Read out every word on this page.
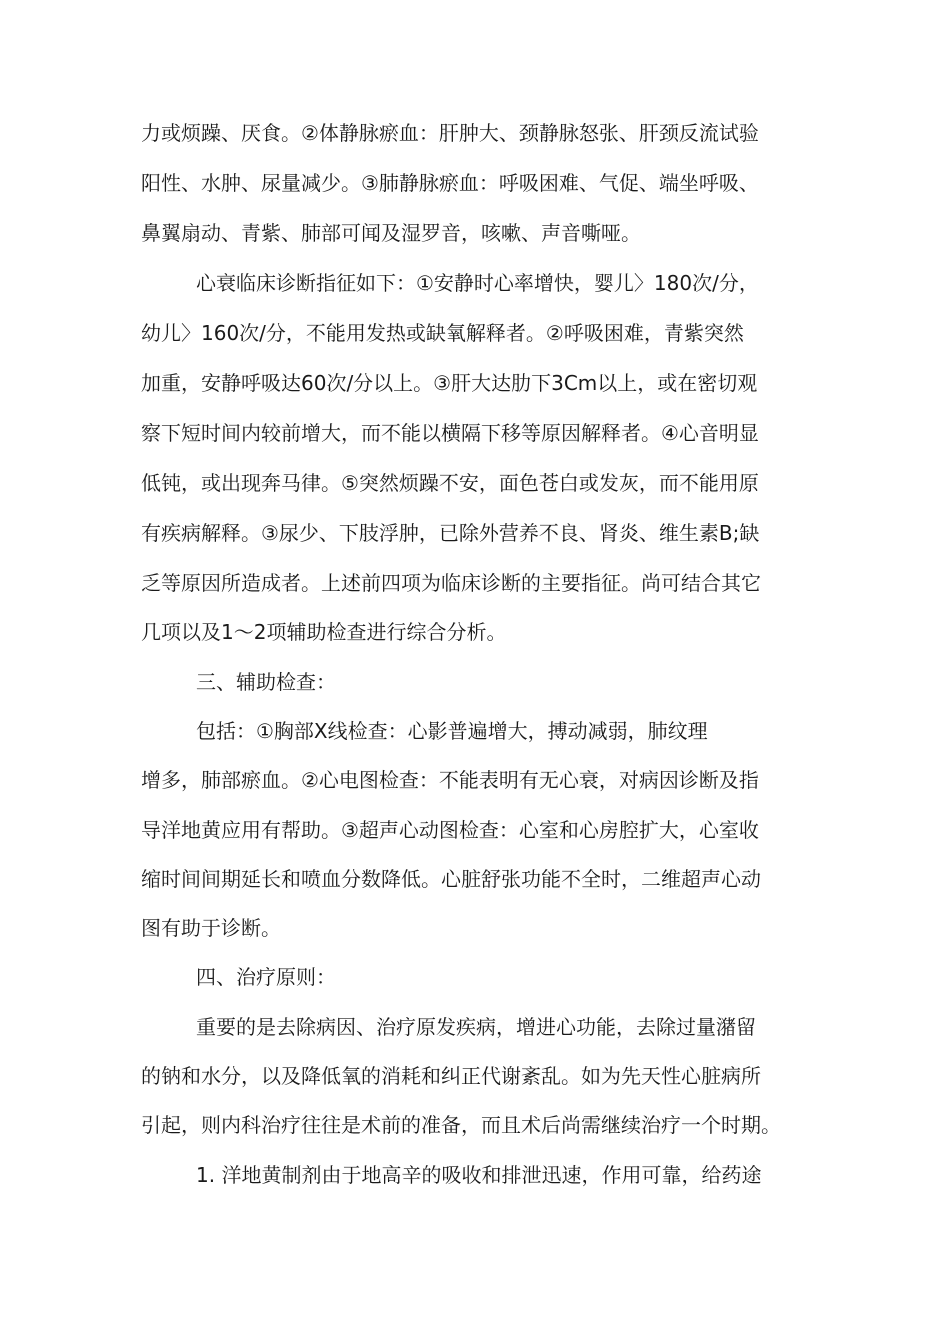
力或烦躁、厌食。②体静脉瘀血：肝肿大、颈静脉怒张、肝颈反流试验
阳性、水肿、尿量减少。③肺静脉瘀血：呼吸困难、气促、端坐呼吸、
鼻翼扇动、青紫、肺部可闻及湿罗音，咳嗽、声音嘶哑。
心衰临床诊断指征如下：①安静时心率增快，婴儿〉180次/分，
幼儿〉160次/分，不能用发热或缺氧解释者。②呼吸困难，青紫突然
加重，安静呼吸达60次/分以上。③肝大达肋下3Cm以上，或在密切观
察下短时间内较前增大，而不能以横隔下移等原因解释者。④心音明显
低钝，或出现奔马律。⑤突然烦躁不安，面色苍白或发灰，而不能用原
有疾病解释。③尿少、下肢浮肿，已除外营养不良、肾炎、维生素B;缺
乏等原因所造成者。上述前四项为临床诊断的主要指征。尚可结合其它
几项以及1〜2项辅助检查进行综合分析。
三、辅助检查：
包括：①胸部X线检查：心影普遍增大，搏动减弱，肺纹理
增多，肺部瘀血。②心电图检查：不能表明有无心衰，对病因诊断及指
导洋地黄应用有帮助。③超声心动图检查：心室和心房腔扩大，心室收
缩时间间期延长和喷血分数降低。心脏舒张功能不全时，二维超声心动
图有助于诊断。
四、治疗原则：
重要的是去除病因、治疗原发疾病，增进心功能，去除过量潴留
的钠和水分，以及降低氧的消耗和纠正代谢紊乱。如为先天性心脏病所
引起，则内科治疗往往是术前的准备，而且术后尚需继续治疗一个时期。
1. 洋地黄制剂由于地高辛的吸收和排泄迅速，作用可靠，给药途
